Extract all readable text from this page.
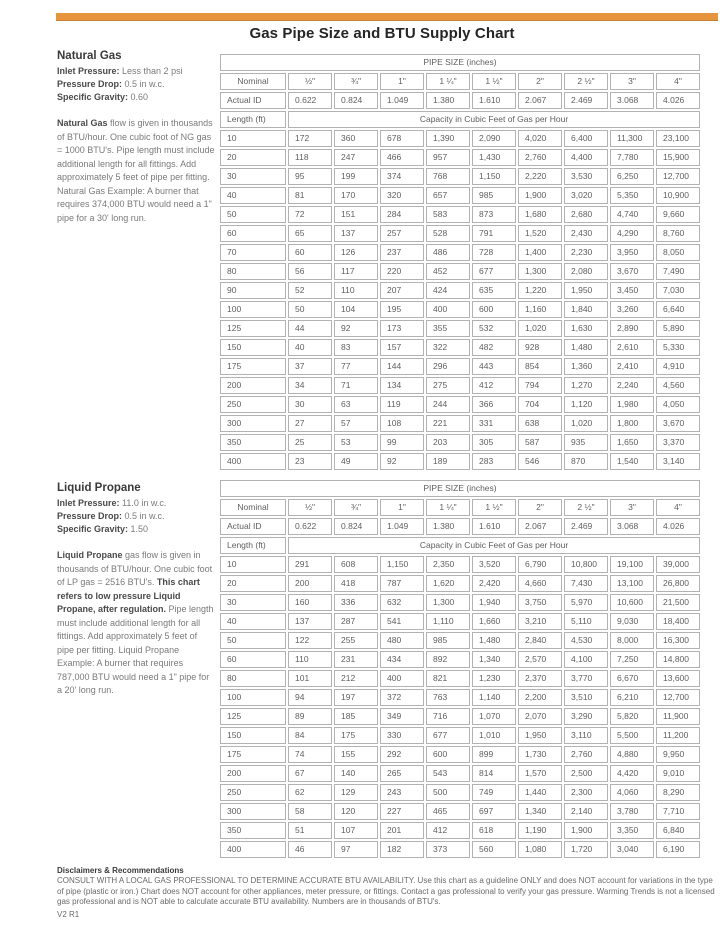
Gas Pipe Size and BTU Supply Chart
Natural Gas
Inlet Pressure: Less than 2 psi
Pressure Drop: 0.5 in w.c.
Specific Gravity: 0.60

Natural Gas flow is given in thousands of BTU/hour. One cubic foot of NG gas = 1000 BTU's. Pipe length must include additional length for all fittings. Add approximately 5 feet of pipe per fitting. Natural Gas Example: A burner that requires 374,000 BTU would need a 1" pipe for a 30' long run.

PIPE SIZE (inches)									
Nominal	½"	¾"	1"	1 ¼"	1 ½"	2"	2 ½"	3"	4"
Actual ID	0.622	0.824	1.049	1.380	1.610	2.067	2.469	3.068	4.026
Length (ft)	Capacity in Cubic Feet of Gas per Hour								
10	172	360	678	1,390	2,090	4,020	6,400	11,300	23,100
20	118	247	466	957	1,430	2,760	4,400	7,780	15,900
30	95	199	374	768	1,150	2,220	3,530	6,250	12,700
40	81	170	320	657	985	1,900	3,020	5,350	10,900
50	72	151	284	583	873	1,680	2,680	4,740	9,660
60	65	137	257	528	791	1,520	2,430	4,290	8,760
70	60	126	237	486	728	1,400	2,230	3,950	8,050
80	56	117	220	452	677	1,300	2,080	3,670	7,490
90	52	110	207	424	635	1,220	1,950	3,450	7,030
100	50	104	195	400	600	1,160	1,840	3,260	6,640
125	44	92	173	355	532	1,020	1,630	2,890	5,890
150	40	83	157	322	482	928	1,480	2,610	5,330
175	37	77	144	296	443	854	1,360	2,410	4,910
200	34	71	134	275	412	794	1,270	2,240	4,560
250	30	63	119	244	366	704	1,120	1,980	4,050
300	27	57	108	221	331	638	1,020	1,800	3,670
350	25	53	99	203	305	587	935	1,650	3,370
400	23	49	92	189	283	546	870	1,540	3,140
Liquid Propane
Inlet Pressure: 11.0 in w.c.
Pressure Drop: 0.5 in w.c.
Specific Gravity: 1.50

Liquid Propane gas flow is given in thousands of BTU/hour. One cubic foot of LP gas = 2516 BTU's. This chart refers to low pressure Liquid Propane, after regulation. Pipe length must include additional length for all fittings. Add approximately 5 feet of pipe per fitting. Liquid Propane Example: A burner that requires 787,000 BTU would need a 1" pipe for a 20' long run.

PIPE SIZE (inches)									
Nominal	½"	¾"	1"	1 ¼"	1 ½"	2"	2 ½"	3"	4"
Actual ID	0.622	0.824	1.049	1.380	1.610	2.067	2.469	3.068	4.026
Length (ft)	Capacity in Cubic Feet of Gas per Hour								
10	291	608	1,150	2,350	3,520	6,790	10,800	19,100	39,000
20	200	418	787	1,620	2,420	4,660	7,430	13,100	26,800
30	160	336	632	1,300	1,940	3,750	5,970	10,600	21,500
40	137	287	541	1,110	1,660	3,210	5,110	9,030	18,400
50	122	255	480	985	1,480	2,840	4,530	8,000	16,300
60	110	231	434	892	1,340	2,570	4,100	7,250	14,800
80	101	212	400	821	1,230	2,370	3,770	6,670	13,600
100	94	197	372	763	1,140	2,200	3,510	6,210	12,700
125	89	185	349	716	1,070	2,070	3,290	5,820	11,900
150	84	175	330	677	1,010	1,950	3,110	5,500	11,200
175	74	155	292	600	899	1,730	2,760	4,880	9,950
200	67	140	265	543	814	1,570	2,500	4,420	9,010
250	62	129	243	500	749	1,440	2,300	4,060	8,290
300	58	120	227	465	697	1,340	2,140	3,780	7,710
350	51	107	201	412	618	1,190	1,900	3,350	6,840
400	46	97	182	373	560	1,080	1,720	3,040	6,190
Disclaimers & Recommendations

CONSULT WITH A LOCAL GAS PROFESSIONAL TO DETERMINE ACCURATE BTU AVAILABILITY. Use this chart as a guideline ONLY and does NOT account for variations in the type of pipe (plastic or iron.) Chart does NOT account for other appliances, meter pressure, or fittings. Contact a gas professional to verify your gas pressure. Warming Trends is not a licensed gas professional and is NOT able to calculate accurate BTU availability. Numbers are in thousands of BTU's.

V2 R1
